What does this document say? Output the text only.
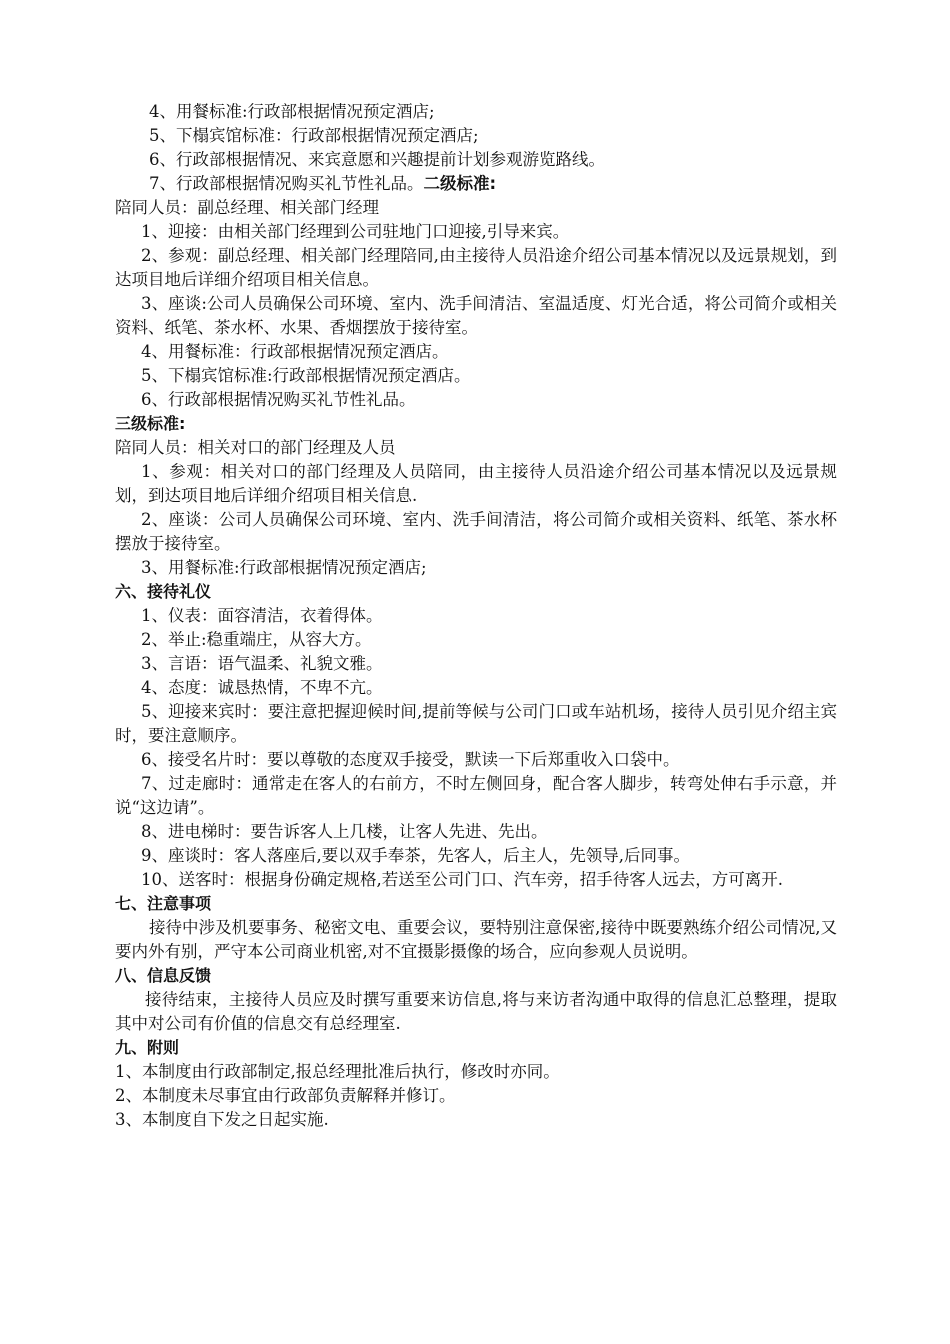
4、用餐标准:行政部根据情况预定酒店;

5、下榻宾馆标准：行政部根据情况预定酒店;

6、行政部根据情况、来宾意愿和兴趣提前计划参观游览路线。

7、行政部根据情况购买礼节性礼品。二级标准:

陪同人员：副总经理、相关部门经理

1、迎接：由相关部门经理到公司驻地门口迎接,引导来宾。

2、参观：副总经理、相关部门经理陪同,由主接待人员沿途介绍公司基本情况以及远景规划，到达项目地后详细介绍项目相关信息。

3、座谈:公司人员确保公司环境、室内、洗手间清洁、室温适度、灯光合适，将公司简介或相关资料、纸笔、茶水杯、水果、香烟摆放于接待室。

4、用餐标准：行政部根据情况预定酒店。

5、下榻宾馆标准:行政部根据情况预定酒店。

6、行政部根据情况购买礼节性礼品。

三级标准:

陪同人员：相关对口的部门经理及人员

1、参观：相关对口的部门经理及人员陪同，由主接待人员沿途介绍公司基本情况以及远景规划，到达项目地后详细介绍项目相关信息.

2、座谈：公司人员确保公司环境、室内、洗手间清洁，将公司简介或相关资料、纸笔、茶水杯摆放于接待室。

3、用餐标准:行政部根据情况预定酒店;

六、接待礼仪

1、仪表：面容清洁，衣着得体。

2、举止:稳重端庄，从容大方。

3、言语：语气温柔、礼貌文雅。

4、态度：诚恳热情，不卑不亢。

5、迎接来宾时：要注意把握迎候时间,提前等候与公司门口或车站机场，接待人员引见介绍主宾时，要注意顺序。

6、接受名片时：要以尊敬的态度双手接受，默读一下后郑重收入口袋中。

7、过走廊时：通常走在客人的右前方，不时左侧回身，配合客人脚步，转弯处伸右手示意，并说“这边请”。

8、进电梯时：要告诉客人上几楼，让客人先进、先出。

9、座谈时：客人落座后,要以双手奉茶，先客人，后主人，先领导,后同事。

10、送客时：根据身份确定规格,若送至公司门口、汽车旁，招手待客人远去，方可离开.

七、注意事项

接待中涉及机要事务、秘密文电、重要会议，要特别注意保密,接待中既要熟练介绍公司情况,又要内外有别，严守本公司商业机密,对不宜摄影摄像的场合，应向参观人员说明。

八、信息反馈

接待结束，主接待人员应及时撰写重要来访信息,将与来访者沟通中取得的信息汇总整理，提取其中对公司有价值的信息交有总经理室.

九、附则

1、本制度由行政部制定,报总经理批准后执行，修改时亦同。

2、本制度未尽事宜由行政部负责解释并修订。

3、本制度自下发之日起实施.
